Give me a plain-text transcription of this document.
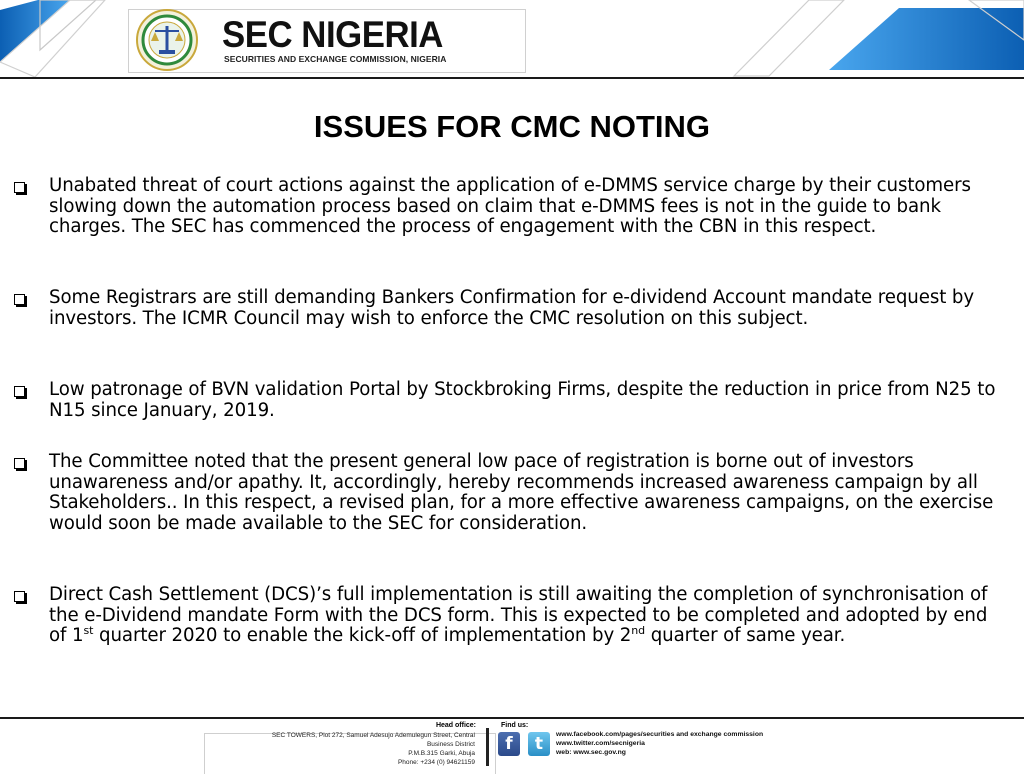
SEC NIGERIA
SECURITIES AND EXCHANGE COMMISSION, NIGERIA
ISSUES FOR CMC NOTING
Unabated threat of court actions against the application of e-DMMS service charge by their customers slowing down the automation process based on claim that e-DMMS fees is not in the guide to bank charges. The SEC has commenced the process of engagement with the CBN in this respect.
Some Registrars are still demanding Bankers Confirmation for e-dividend Account mandate request by investors. The ICMR Council may wish to enforce the CMC resolution on this subject.
Low patronage of BVN validation Portal by Stockbroking Firms, despite the reduction in price from N25 to N15 since January, 2019.
The Committee noted that the present general low pace of registration is borne out of investors unawareness and/or apathy. It, accordingly, hereby recommends increased awareness campaign by all Stakeholders.. In this respect, a revised plan, for a more effective awareness campaigns, on the exercise would soon be made available to the SEC for consideration.
Direct Cash Settlement (DCS)’s full implementation is still awaiting the completion of synchronisation of the e-Dividend mandate Form with the DCS form. This is expected to be completed and adopted by end of 1st quarter 2020 to enable the kick-off of implementation by 2nd quarter of same year.
Head office:
SEC TOWERS, Plot 272, Samuel Adesujo Ademulegun Street, Central
Business District
P.M.B.315 Garki, Abuja
Phone: +234 (0) 94621159
Find us:
f	t	www.facebook.com/pages/securities and exchange commission
www.twitter.com/secnigeria
web: www.sec.gov.ng
